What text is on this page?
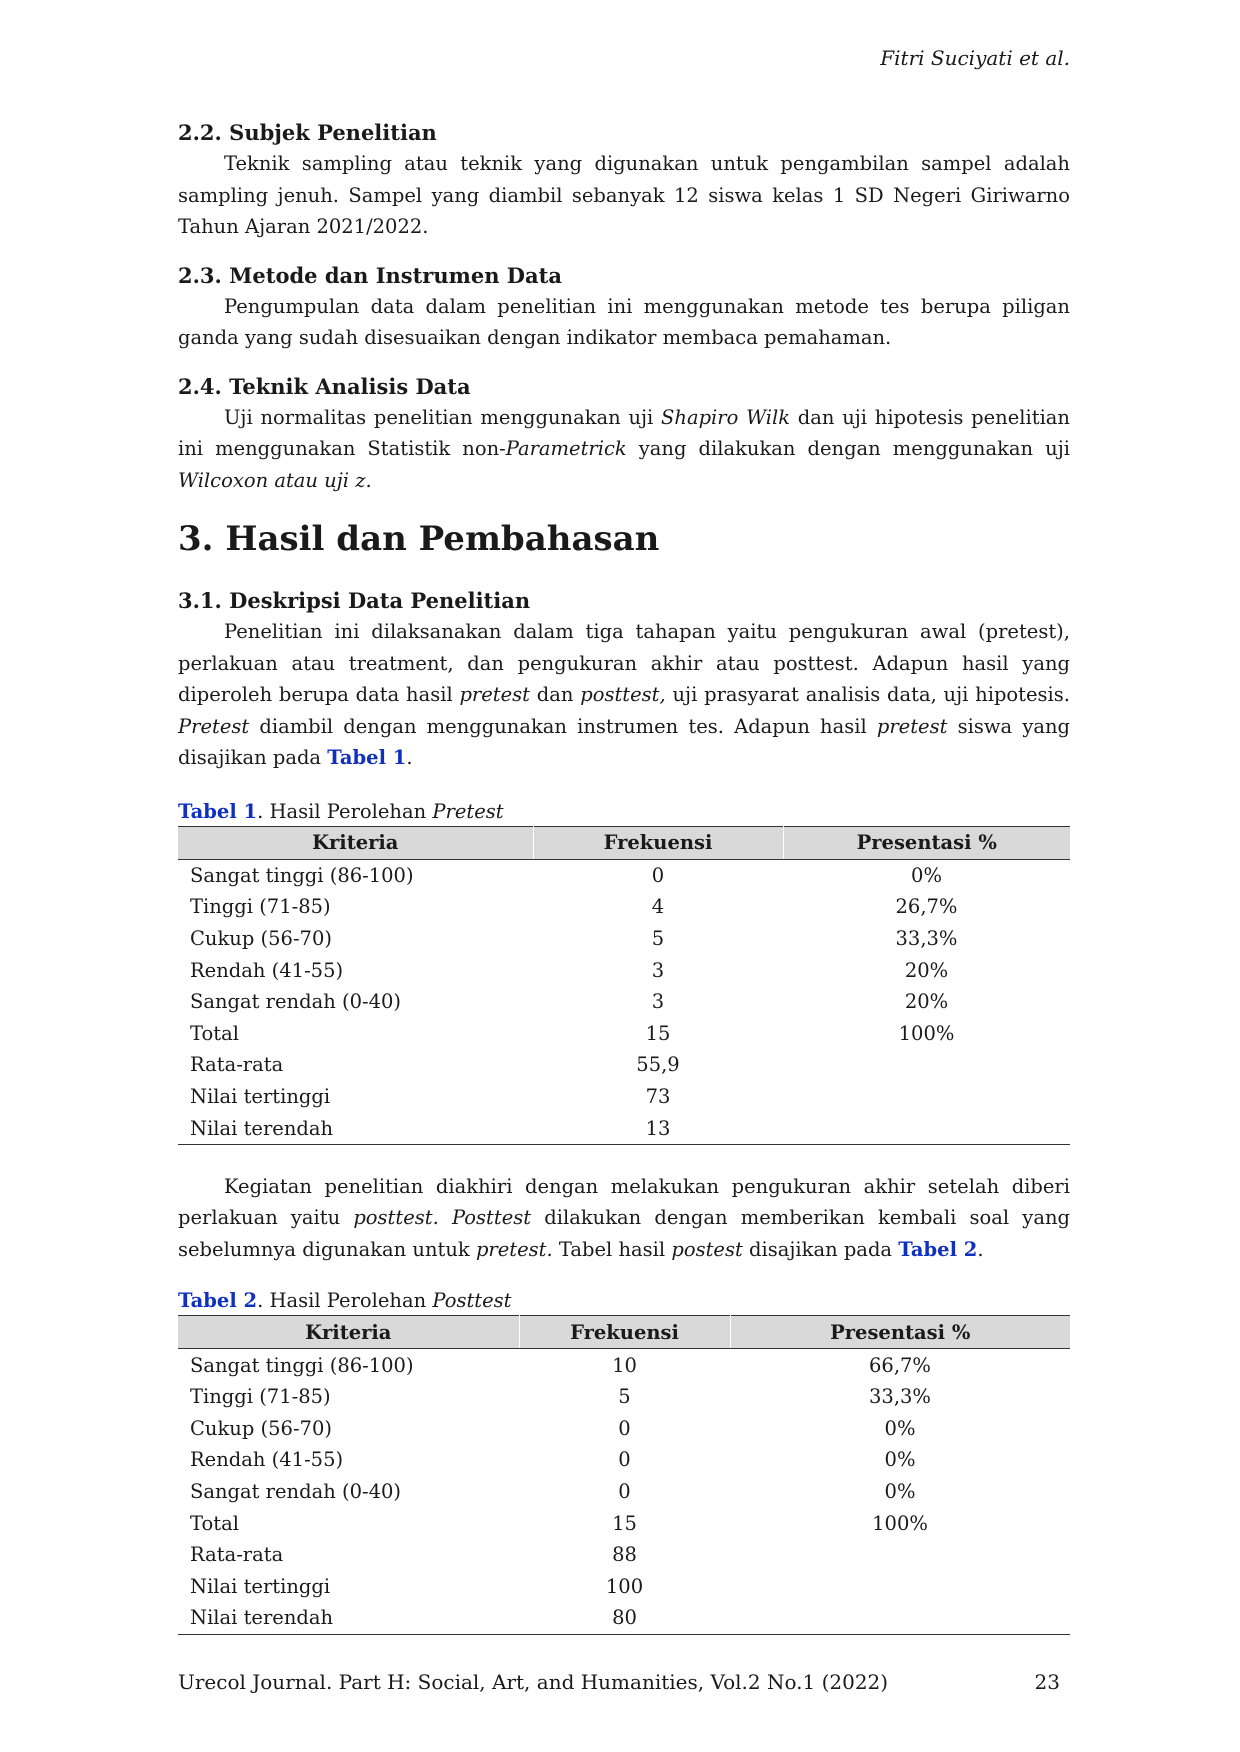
Fitri Suciyati et al.
2.2. Subjek Penelitian

Teknik sampling atau teknik yang digunakan untuk pengambilan sampel adalah sampling jenuh. Sampel yang diambil sebanyak 12 siswa kelas 1 SD Negeri Giriwarno Tahun Ajaran 2021/2022.

2.3. Metode dan Instrumen Data

Pengumpulan data dalam penelitian ini menggunakan metode tes berupa piligan ganda yang sudah disesuaikan dengan indikator membaca pemahaman.

2.4. Teknik Analisis Data

Uji normalitas penelitian menggunakan uji Shapiro Wilk dan uji hipotesis penelitian ini menggunakan Statistik non-Parametrick yang dilakukan dengan menggunakan uji Wilcoxon atau uji z.

3. Hasil dan Pembahasan
3.1. Deskripsi Data Penelitian

Penelitian ini dilaksanakan dalam tiga tahapan yaitu pengukuran awal (pretest), perlakuan atau treatment, dan pengukuran akhir atau posttest. Adapun hasil yang diperoleh berupa data hasil pretest dan posttest, uji prasyarat analisis data, uji hipotesis. Pretest diambil dengan menggunakan instrumen tes. Adapun hasil pretest siswa yang disajikan pada Tabel 1.

Tabel 1. Hasil Perolehan Pretest

Kriteria	Frekuensi	Presentasi %
Sangat tinggi (86-100)	0	0%
Tinggi (71-85)	4	26,7%
Cukup (56-70)	5	33,3%
Rendah (41-55)	3	20%
Sangat rendah (0-40)	3	20%
Total	15	100%
Rata-rata	55,9	
Nilai tertinggi	73	
Nilai terendah	13	

Kegiatan penelitian diakhiri dengan melakukan pengukuran akhir setelah diberi perlakuan yaitu posttest. Posttest dilakukan dengan memberikan kembali soal yang sebelumnya digunakan untuk pretest. Tabel hasil postest disajikan pada Tabel 2.

Tabel 2. Hasil Perolehan Posttest

Kriteria	Frekuensi	Presentasi %
Sangat tinggi (86-100)	10	66,7%
Tinggi (71-85)	5	33,3%
Cukup (56-70)	0	0%
Rendah (41-55)	0	0%
Sangat rendah (0-40)	0	0%
Total	15	100%
Rata-rata	88	
Nilai tertinggi	100	
Nilai terendah	80	
Urecol Journal. Part H: Social, Art, and Humanities, Vol.2 No.1 (2022)	23
